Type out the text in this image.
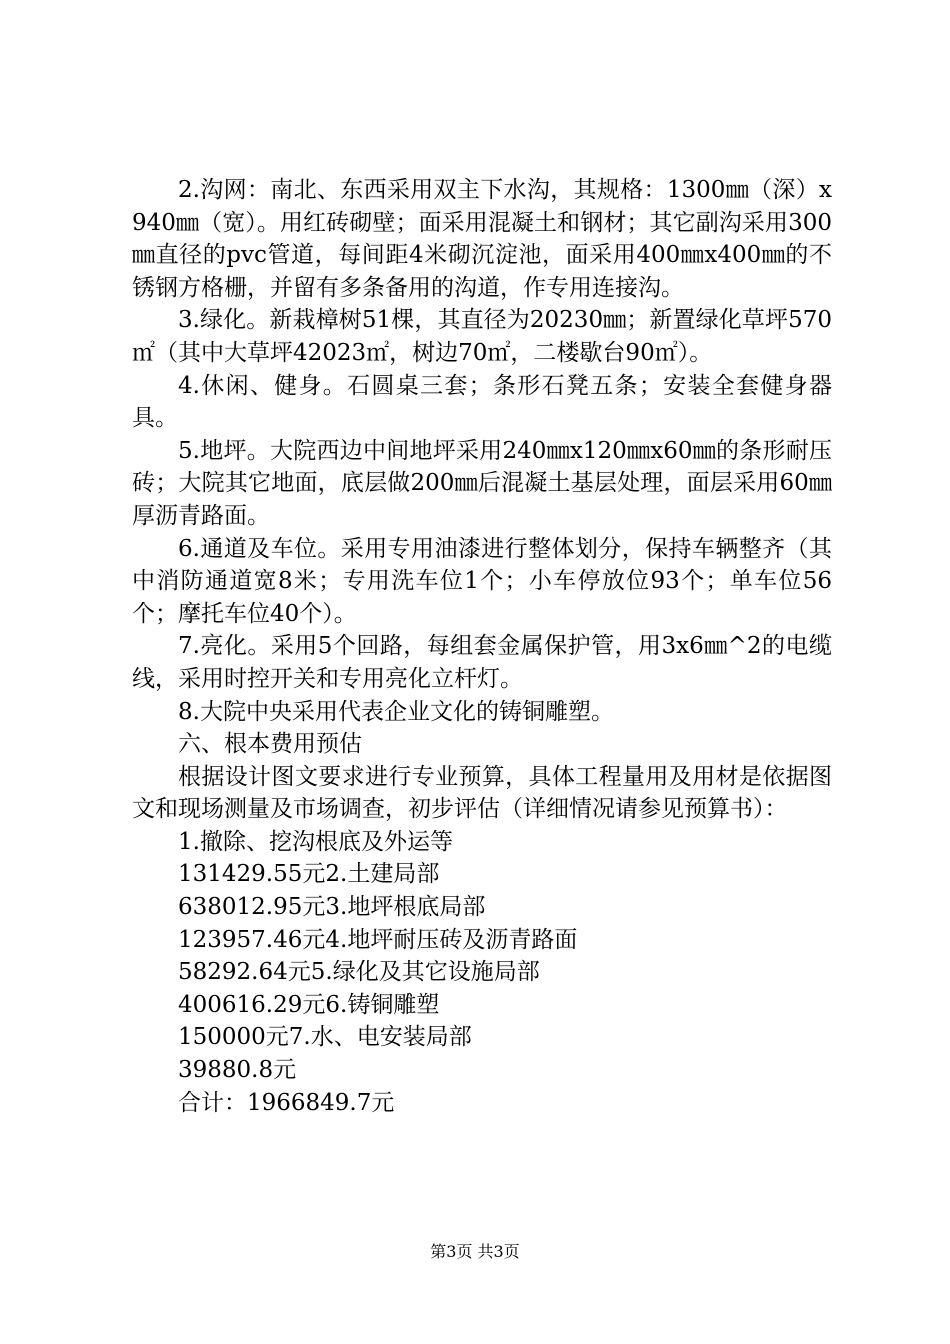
2.沟网：南北、东西采用双主下水沟，其规格：1300㎜（深）x940㎜（宽）。用红砖砌壁；面采用混凝土和钢材；其它副沟采用300㎜直径的pvc管道，每间距4米砌沉淀池，面采用400㎜x400㎜的不锈钢方格栅，并留有多条备用的沟道，作专用连接沟。

3.绿化。新栽樟树51棵，其直径为20230㎜；新置绿化草坪570㎡（其中大草坪42023㎡，树边70㎡，二楼歇台90㎡）。

4.休闲、健身。石圆桌三套；条形石凳五条；安装全套健身器具。

5.地坪。大院西边中间地坪采用240㎜x120㎜x60㎜的条形耐压砖；大院其它地面，底层做200㎜后混凝土基层处理，面层采用60㎜厚沥青路面。

6.通道及车位。采用专用油漆进行整体划分，保持车辆整齐（其中消防通道宽8米；专用洗车位1个；小车停放位93个；单车位56个；摩托车位40个）。

7.亮化。采用5个回路，每组套金属保护管，用3x6㎜^2的电缆线，采用时控开关和专用亮化立杆灯。

8.大院中央采用代表企业文化的铸铜雕塑。

六、根本费用预估

根据设计图文要求进行专业预算，具体工程量用及用材是依据图文和现场测量及市场调查，初步评估（详细情况请参见预算书）：

1.撤除、挖沟根底及外运等

131429.55元2.土建局部

638012.95元3.地坪根底局部

123957.46元4.地坪耐压砖及沥青路面

58292.64元5.绿化及其它设施局部

400616.29元6.铸铜雕塑

150000元7.水、电安装局部

39880.8元

合计：1966849.7元

第3页 共3页
